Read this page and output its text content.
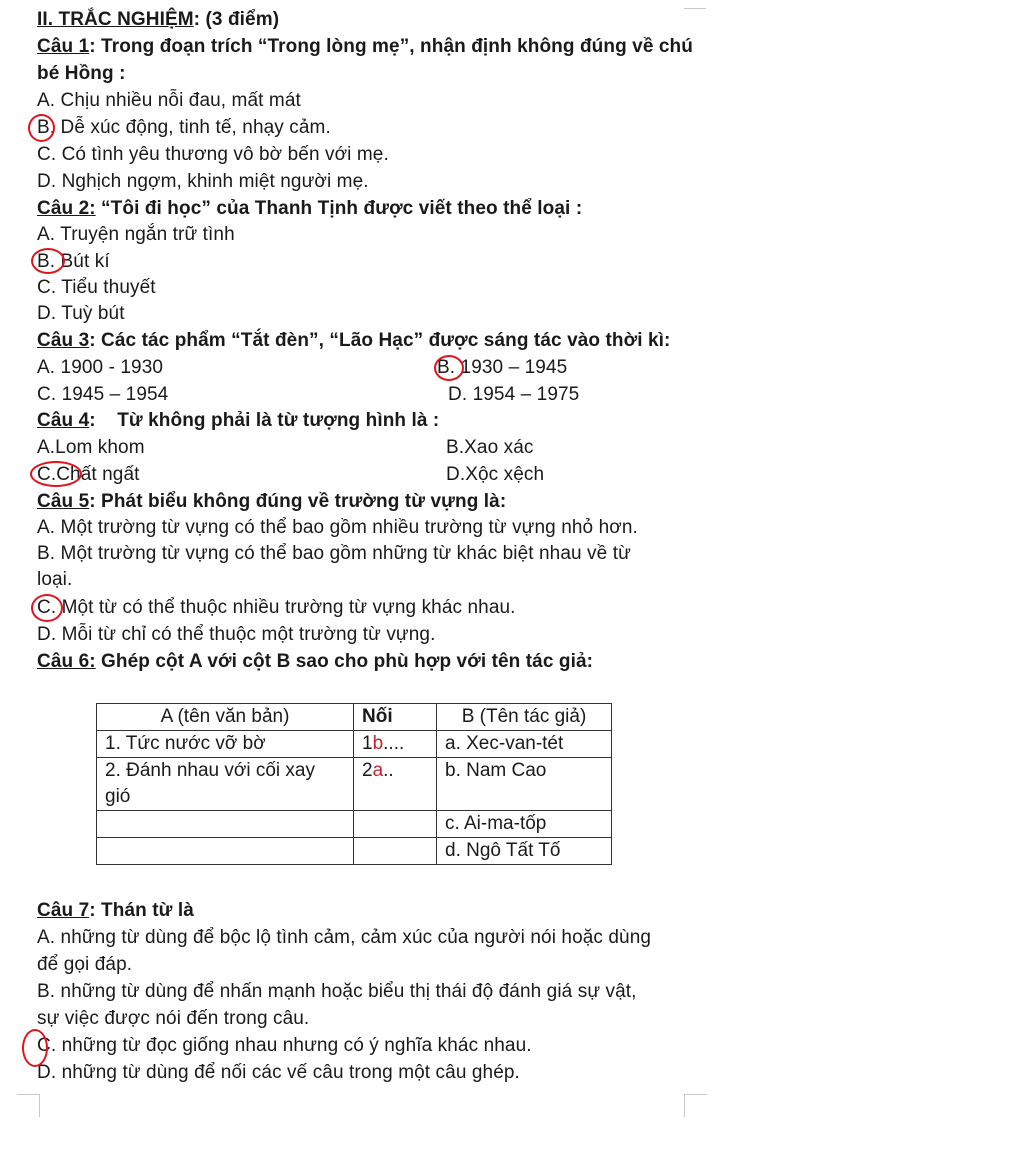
II. TRẮC NGHIỆM: (3 điểm)
Câu 1: Trong đoạn trích “Trong lòng mẹ”, nhận định không đúng về chú
bé Hồng :
A. Chịu nhiều nỗi đau, mất mát
B. Dễ xúc động, tinh tế, nhạy cảm.
C. Có tình yêu thương vô bờ bến với mẹ.
D. Nghịch ngợm, khinh miệt người mẹ.
Câu 2: “Tôi đi học” của Thanh Tịnh được viết theo thể loại :
A. Truyện ngắn trữ tình
B. Bút kí
C. Tiểu thuyết
D. Tuỳ bút
Câu 3: Các tác phẩm “Tắt đèn”, “Lão Hạc” được sáng tác vào thời kì:
A. 1900 - 1930	B. 1930 – 1945
C. 1945 – 1954	D. 1954 – 1975
Câu 4:    Từ không phải là từ tượng hình là :
A.Lom khom	B.Xao xác
C.Chất ngất	D.Xộc xệch
Câu 5: Phát biểu không đúng về trường từ vựng là:
A. Một trường từ vựng có thể bao gồm nhiều trường từ vựng nhỏ hơn.
B. Một trường từ vựng có thể bao gồm những từ khác biệt nhau về từ
loại.
C. Một từ có thể thuộc nhiều trường từ vựng khác nhau.
D. Mỗi từ chỉ có thể thuộc một trường từ vựng.
Câu 6: Ghép cột A với cột B sao cho phù hợp với tên tác giả:
A (tên văn bản)	Nối	B (Tên tác giả)
1. Tức nước vỡ bờ	1b....	a. Xec-van-tét

2. Đánh nhau với cối xay
gió	2a..	b. Nam Cao
		c. Ai-ma-tốp
		d. Ngô Tất Tố
Câu 7: Thán từ là
A. những từ dùng để bộc lộ tình cảm, cảm xúc của người nói hoặc dùng
để gọi đáp.
B. những từ dùng để nhấn mạnh hoặc biểu thị thái độ đánh giá sự vật,
sự việc được nói đến trong câu.
C. những từ đọc giống nhau nhưng có ý nghĩa khác nhau.
D. những từ dùng để nối các vế câu trong một câu ghép.
